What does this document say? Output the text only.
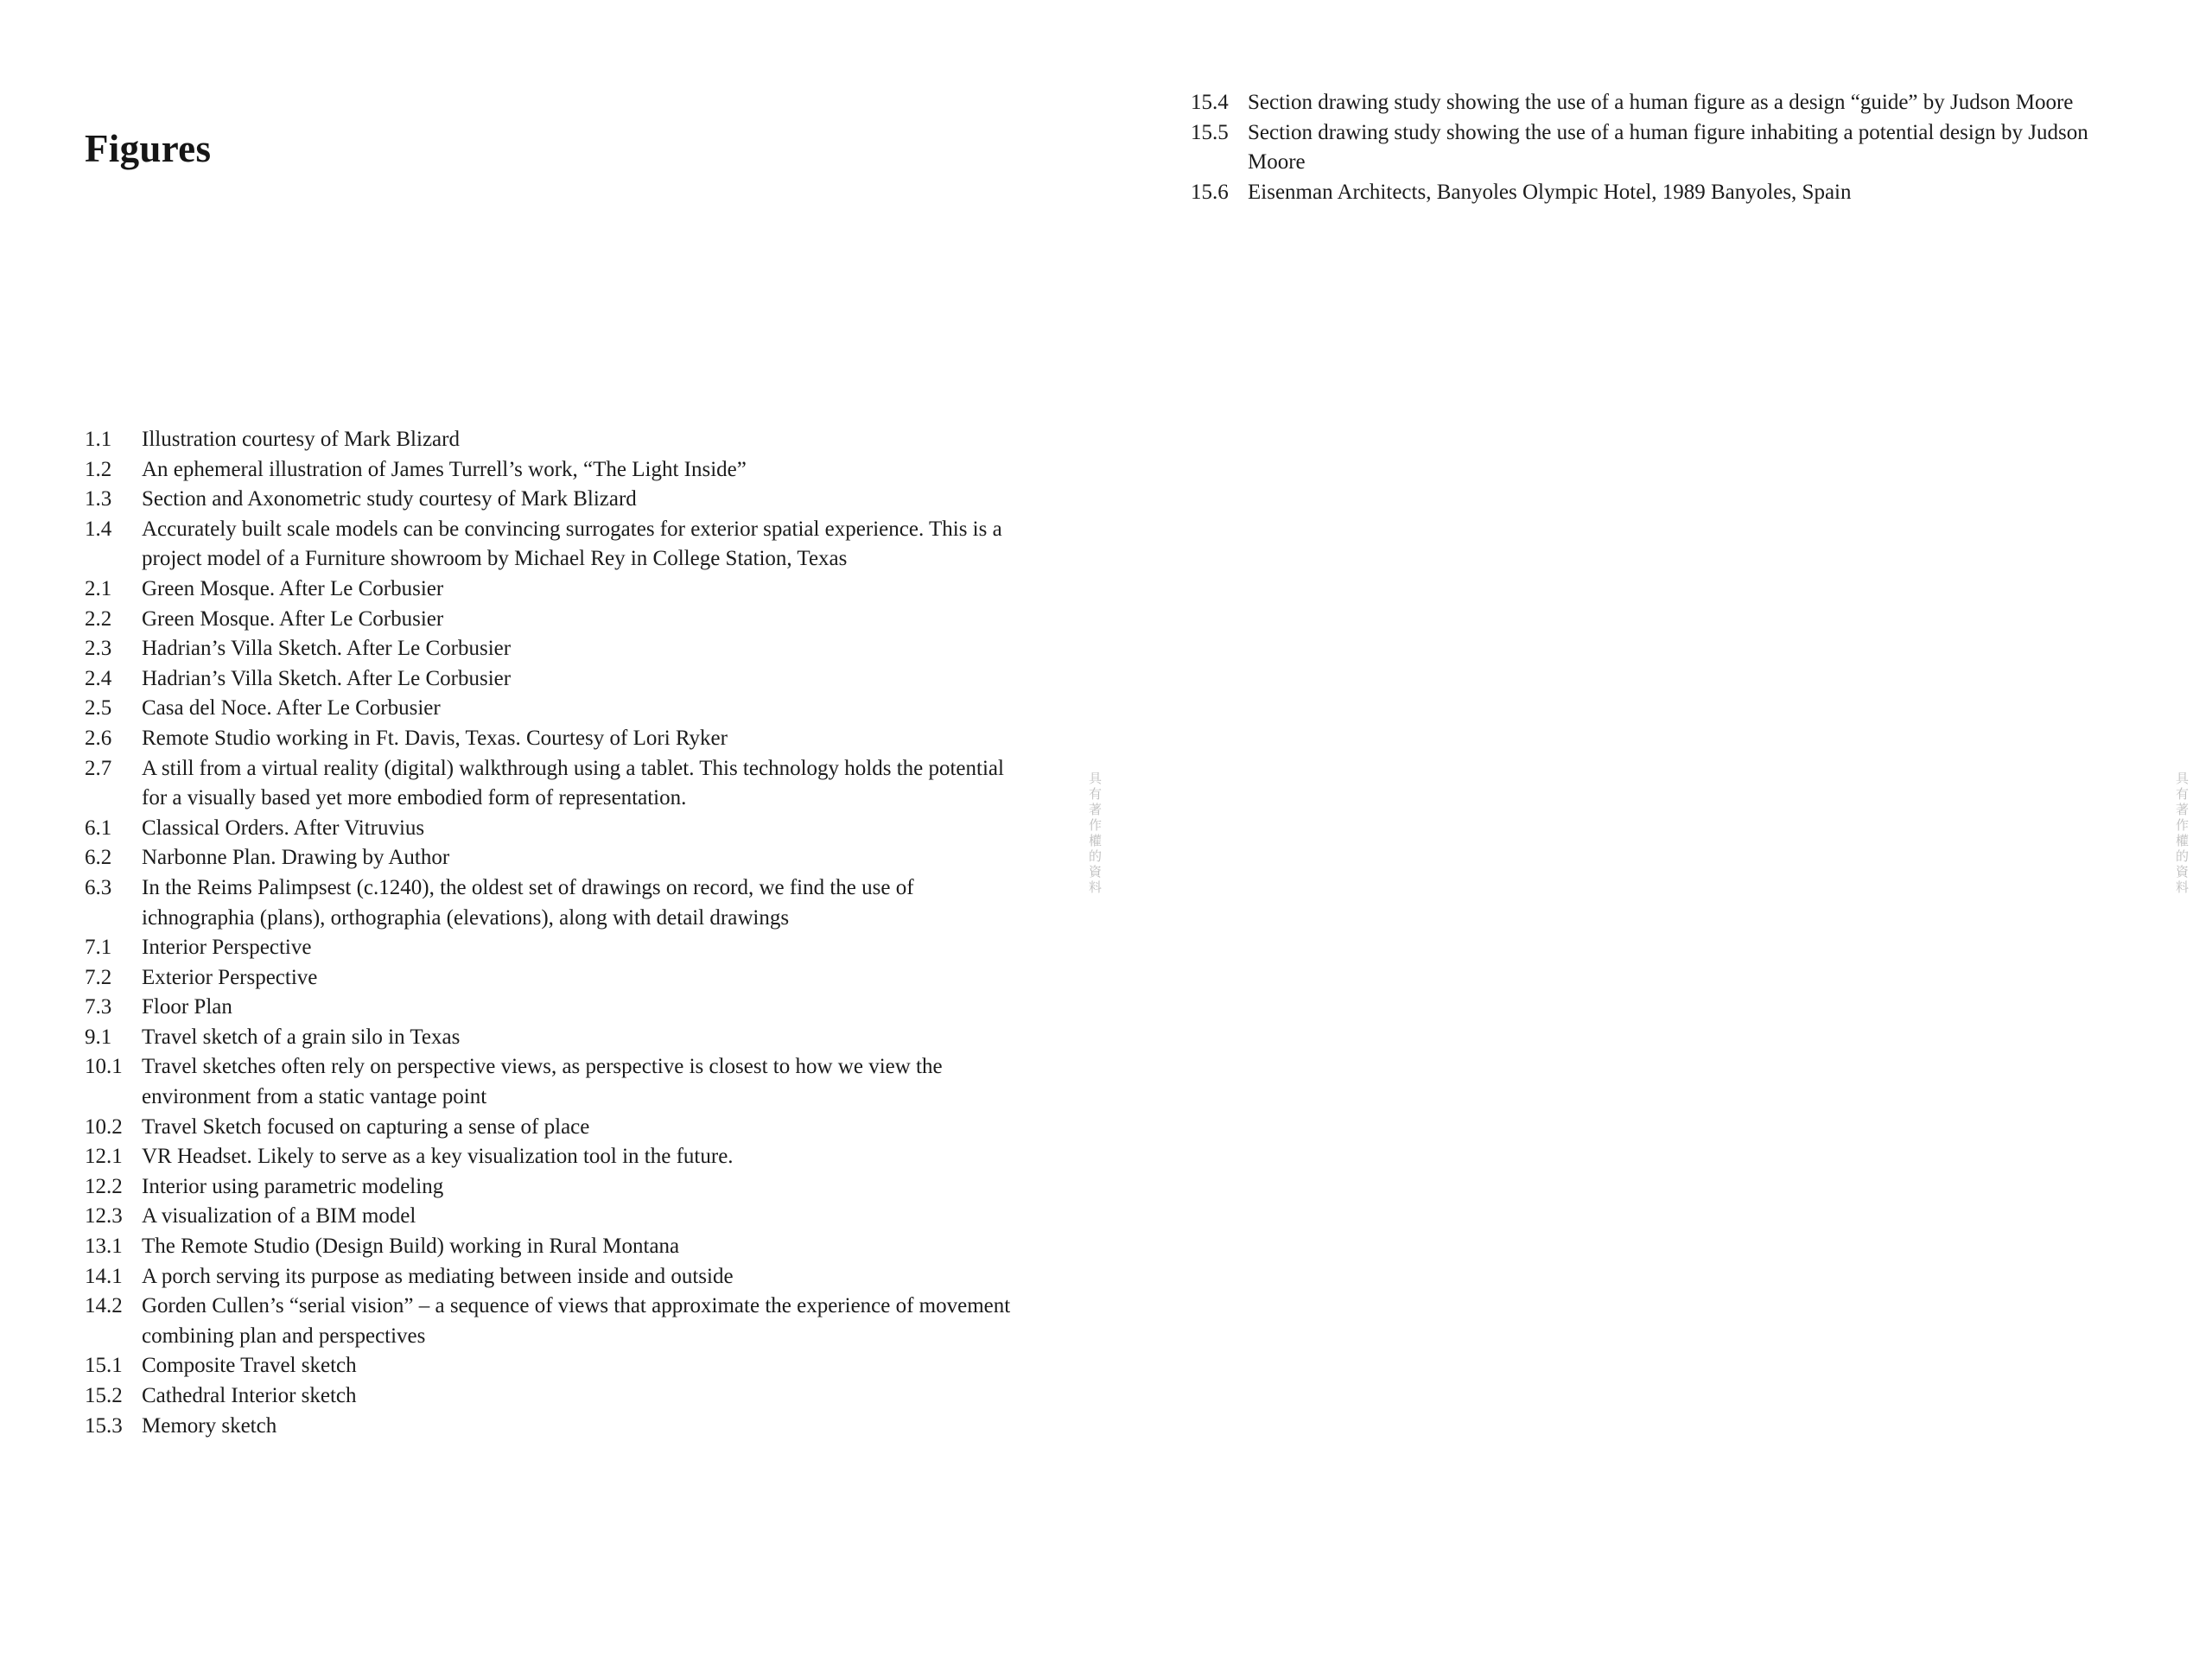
Figures
1.1	Illustration courtesy of Mark Blizard
1.2	An ephemeral illustration of James Turrell’s work, “The Light Inside”
1.3	Section and Axonometric study courtesy of Mark Blizard
1.4	Accurately built scale models can be convincing surrogates for exterior spatial experience. This is a project model of a Furniture showroom by Michael Rey in College Station, Texas
2.1	Green Mosque. After Le Corbusier
2.2	Green Mosque. After Le Corbusier
2.3	Hadrian’s Villa Sketch. After Le Corbusier
2.4	Hadrian’s Villa Sketch. After Le Corbusier
2.5	Casa del Noce. After Le Corbusier
2.6	Remote Studio working in Ft. Davis, Texas. Courtesy of Lori Ryker
2.7	A still from a virtual reality (digital) walkthrough using a tablet. This technology holds the potential for a visually based yet more embodied form of representation.
6.1	Classical Orders. After Vitruvius
6.2	Narbonne Plan. Drawing by Author
6.3	In the Reims Palimpsest (c.1240), the oldest set of drawings on record, we find the use of ichnographia (plans), orthographia (elevations), along with detail drawings
7.1	Interior Perspective
7.2	Exterior Perspective
7.3	Floor Plan
9.1	Travel sketch of a grain silo in Texas
10.1 Travel sketches often rely on perspective views, as perspective is closest to how we view the environment from a static vantage point
10.2 Travel Sketch focused on capturing a sense of place
12.1 VR Headset. Likely to serve as a key visualization tool in the future.
12.2 Interior using parametric modeling
12.3 A visualization of a BIM model
13.1 The Remote Studio (Design Build) working in Rural Montana
14.1 A porch serving its purpose as mediating between inside and outside
14.2 Gorden Cullen’s “serial vision” – a sequence of views that approximate the experience of movement combining plan and perspectives
15.1 Composite Travel sketch
15.2 Cathedral Interior sketch
15.3 Memory sketch
15.4 Section drawing study showing the use of a human figure as a design “guide” by Judson Moore
15.5 Section drawing study showing the use of a human figure inhabiting a potential design by Judson Moore
15.6 Eisenman Architects, Banyoles Olympic Hotel, 1989 Banyoles, Spain
具有著作權的資料	具有著作權的資料
